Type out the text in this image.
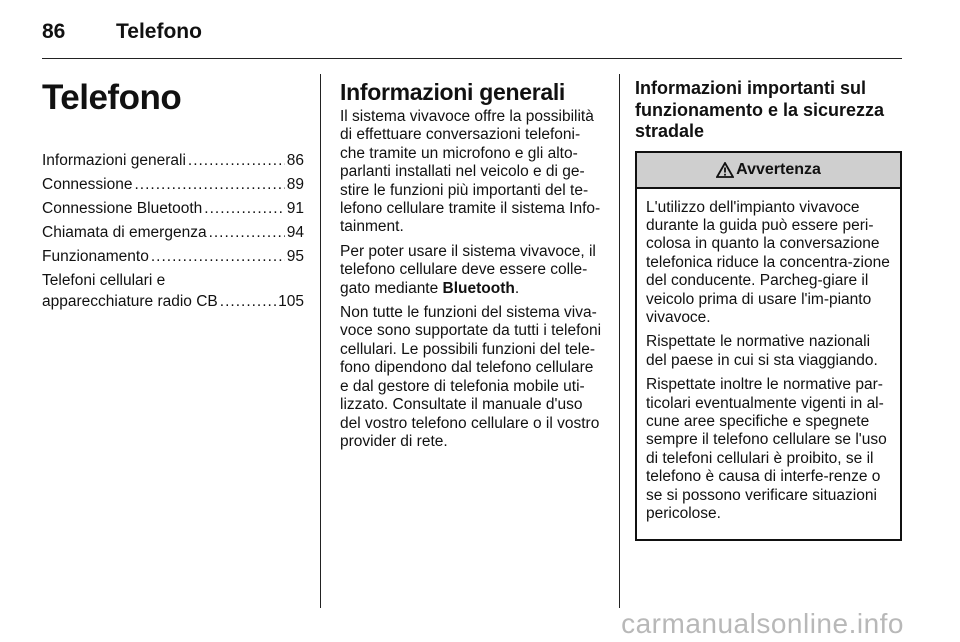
86 Telefono
Telefono
Informazioni generali .....	86
Connessione .....	89
Connessione Bluetooth .....	91
Chiamata di emergenza .....	94
Funzionamento .....	95
Telefoni cellulari e
apparecchiature radio CB .....	105
Informazioni generali

Il sistema vivavoce offre la possibilità di effettuare conversazioni telefoni-che tramite un microfono e gli alto-parlanti installati nel veicolo e di ge-stire le funzioni più importanti del te-lefono cellulare tramite il sistema Info-tainment.

Per poter usare il sistema vivavoce, il telefono cellulare deve essere colle-gato mediante Bluetooth.

Non tutte le funzioni del sistema viva-voce sono supportate da tutti i telefoni cellulari. Le possibili funzioni del tele-fono dipendono dal telefono cellulare e dal gestore di telefonia mobile uti-lizzato. Consultate il manuale d'uso del vostro telefono cellulare o il vostro provider di rete.

Informazioni importanti sul funzionamento e la sicurezza stradale
Avvertenza

L'utilizzo dell'impianto vivavoce durante la guida può essere peri-colosa in quanto la conversazione telefonica riduce la concentra-zione del conducente. Parcheg-giare il veicolo prima di usare l'im-pianto vivavoce.

Rispettate le normative nazionali del paese in cui si sta viaggiando.

Rispettate inoltre le normative par-ticolari eventualmente vigenti in al-cune aree specifiche e spegnete sempre il telefono cellulare se l'uso di telefoni cellulari è proibito, se il telefono è causa di interfe-renze o se si possono verificare situazioni pericolose.

carmanualsonline.info
